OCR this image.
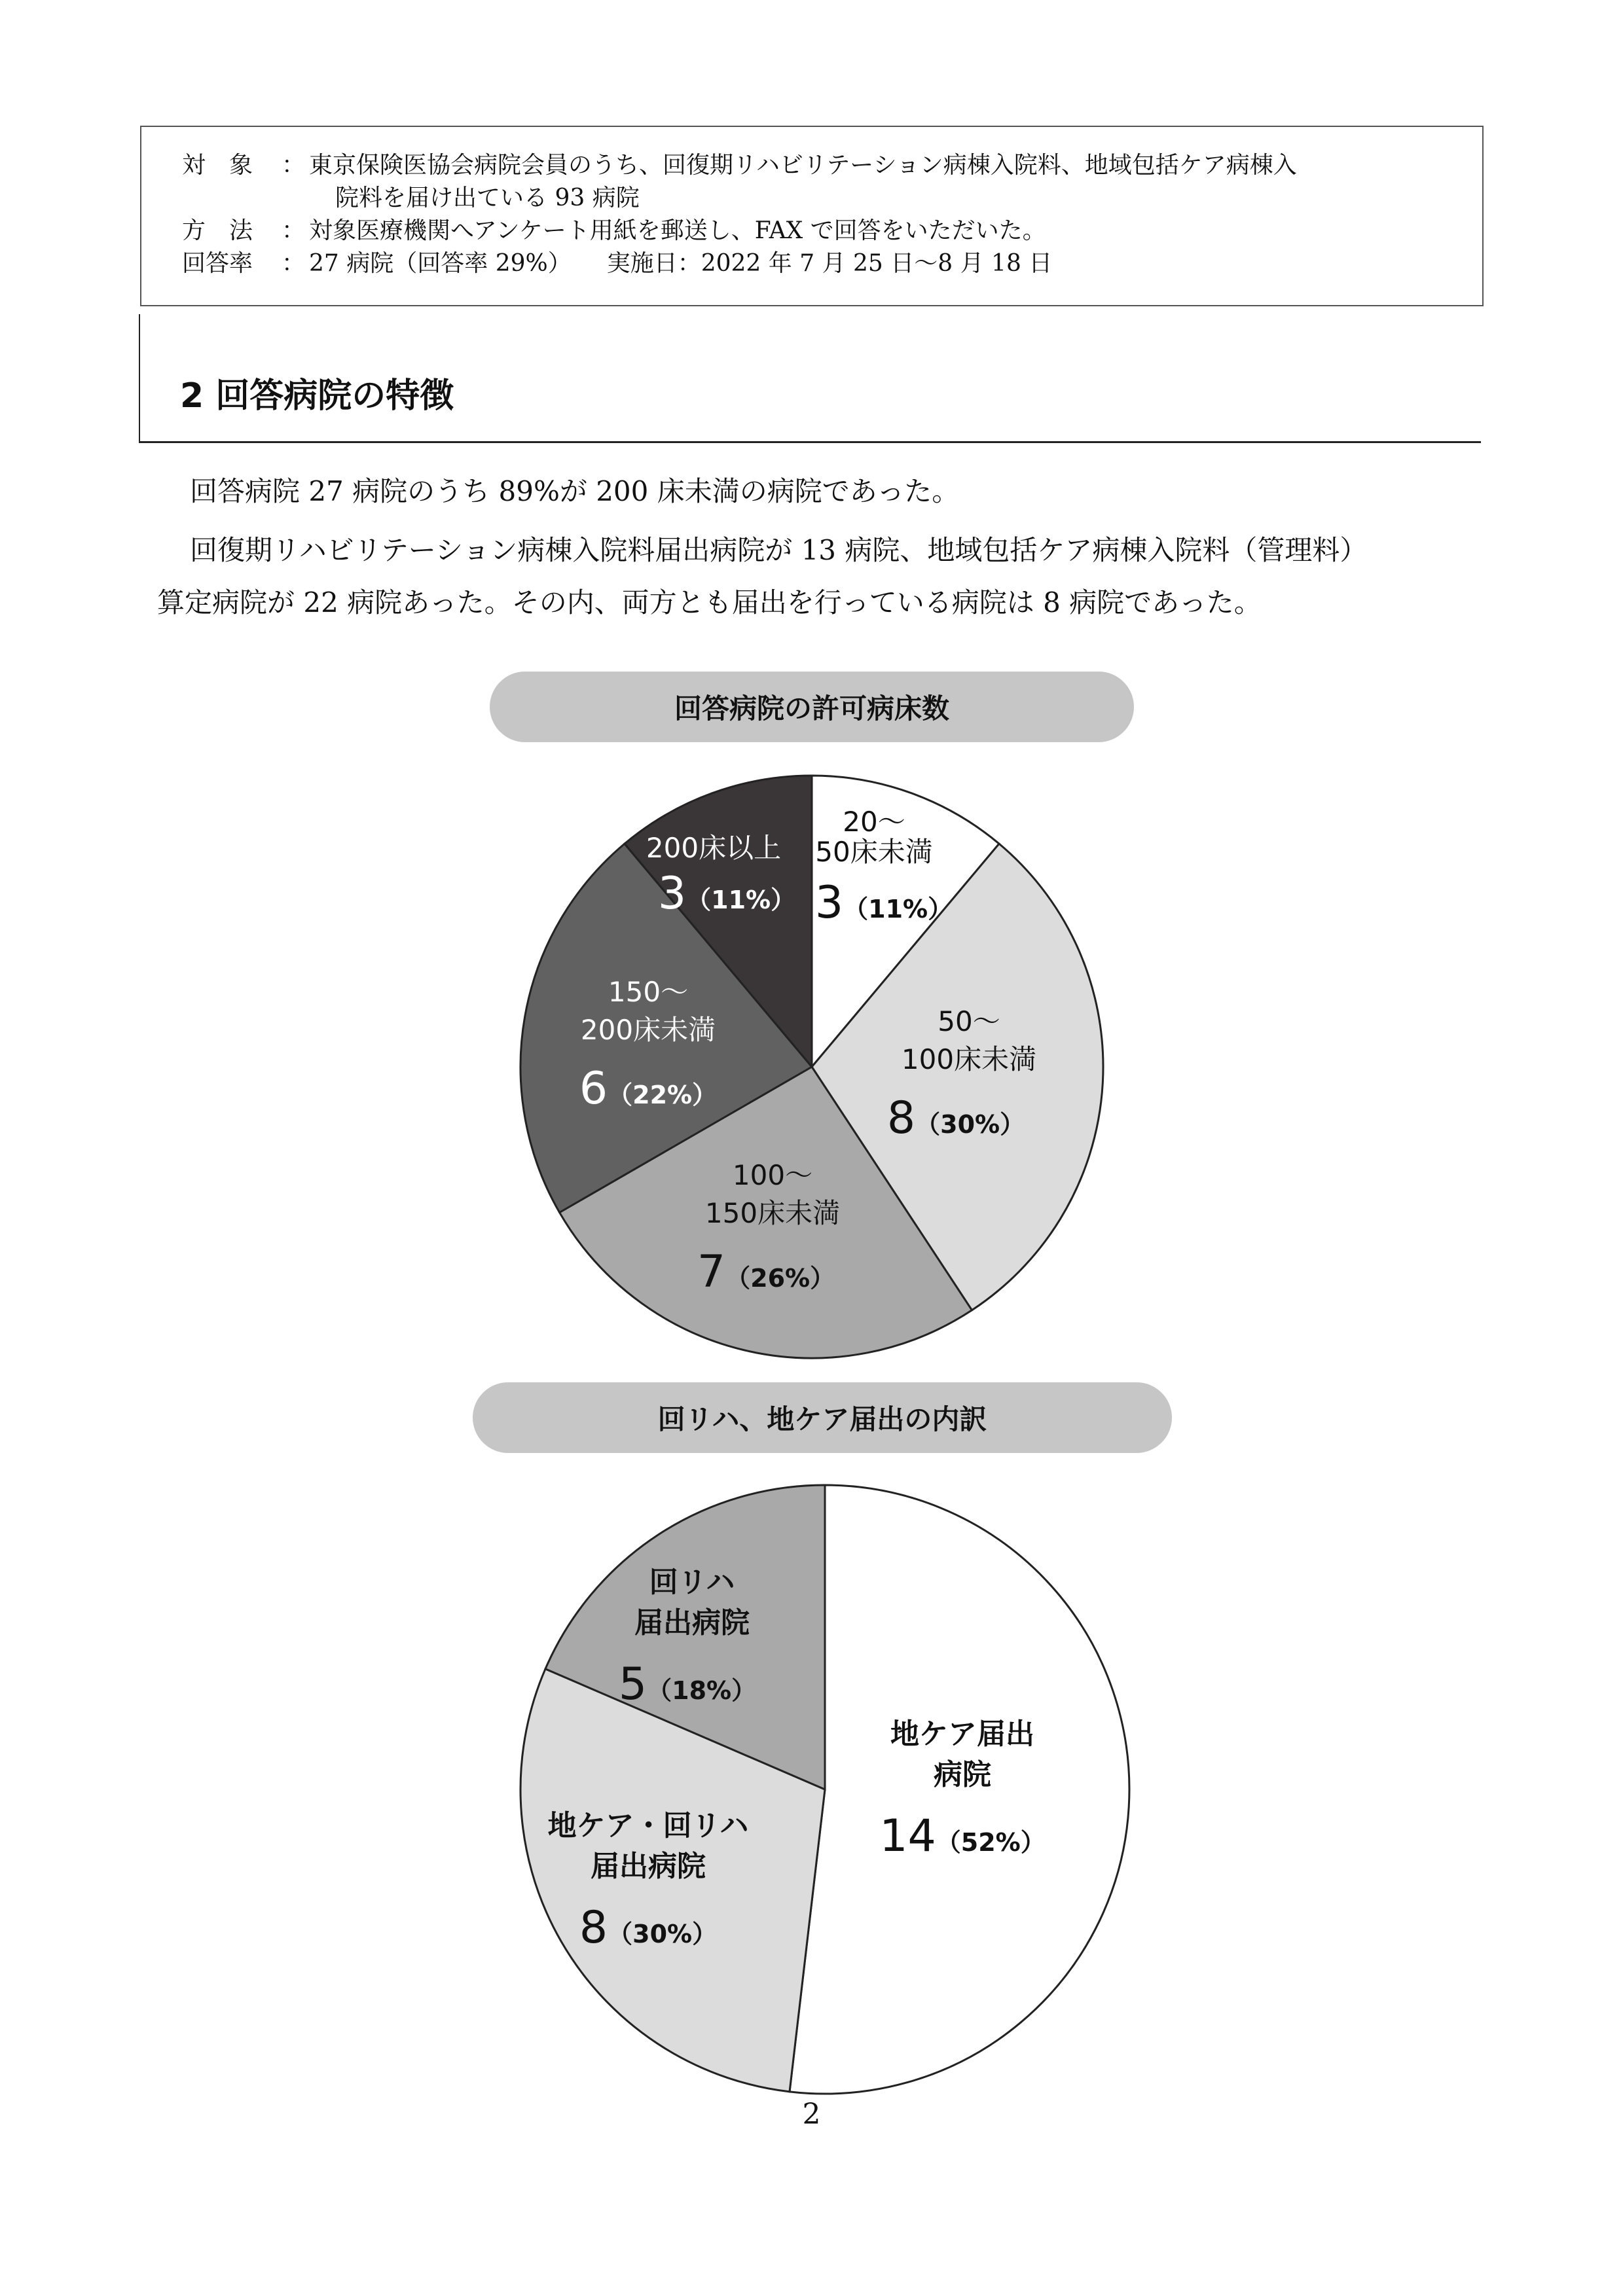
対　象	： 東京保険医協会病院会員のうち、回復期リハビリテーション病棟入院料、地域包括ケア病棟入
院料を届け出ている 93 病院
方　法	： 対象医療機関へアンケート用紙を郵送し、FAX で回答をいただいた。
回答率	： 27 病院（回答率 29%）　　実施日：2022 年 7 月 25 日～8 月 18 日
2 回答病院の特徴
回答病院 27 病院のうち 89%が 200 床未満の病院であった。
回復期リハビリテーション病棟入院料届出病院が 13 病院、地域包括ケア病棟入院料（管理料）
算定病院が 22 病院あった。その内、両方とも届出を行っている病院は 8 病院であった。
回答病院の許可病床数
20～
50床未満
3（11%）
50～
100床未満
8（30%）
100～
150床未満
7（26%）
150～
200床未満
6（22%）
200床以上
3（11%）
回リハ、地ケア届出の内訳
地ケア届出
病院
14（52%）
地ケア・回リハ
届出病院
8（30%）
回リハ
届出病院
5（18%）
2
